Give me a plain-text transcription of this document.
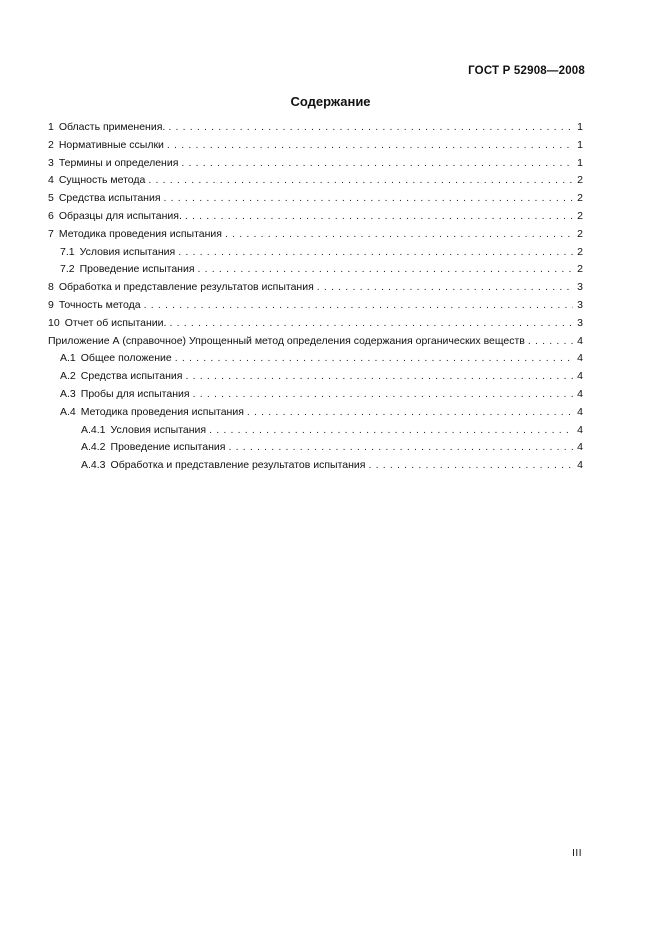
ГОСТ Р 52908—2008
Содержание
1 Область применения. . . .	1
2 Нормативные ссылки . . .	1
3 Термины и определения . . .	1
4 Сущность метода . . .	2
5 Средства испытания . . .	2
6 Образцы для испытания. . . .	2
7 Методика проведения испытания . . .	2
7.1 Условия испытания . . .	2
7.2 Проведение испытания . . .	2
8 Обработка и представление результатов испытания . . .	3
9 Точность метода . . .	3
10 Отчет об испытании. . . .	3
Приложение А (справочное) Упрощенный метод определения содержания органических веществ . . .	4
А.1 Общее положение . . .	4
А.2 Средства испытания . . .	4
А.3 Пробы для испытания . . .	4
А.4 Методика проведения испытания . . .	4
А.4.1 Условия испытания . . .	4
А.4.2 Проведение испытания . . .	4
А.4.3 Обработка и представление результатов испытания . . .	4
III
